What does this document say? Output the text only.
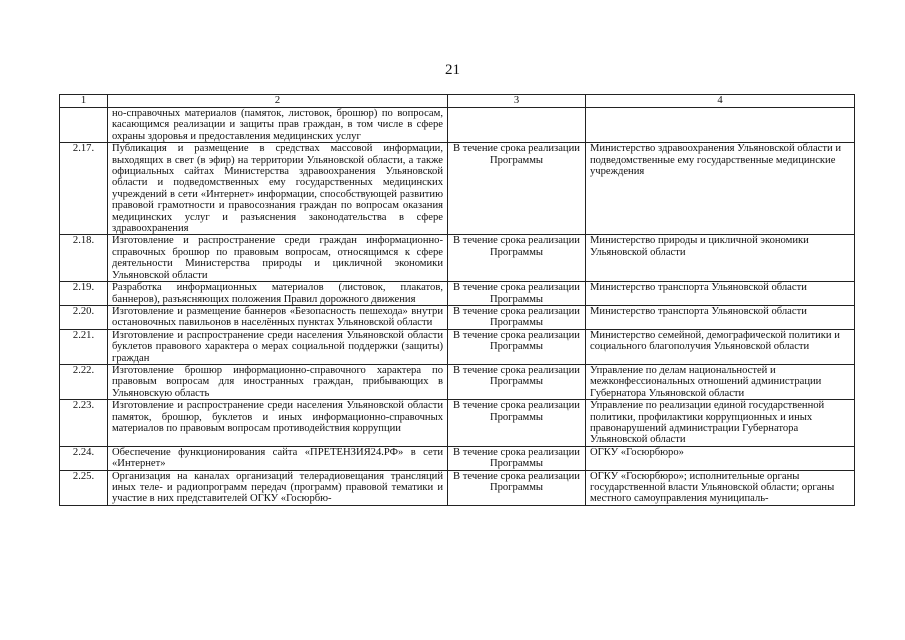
21
1	2	3	4
	но-справочных материалов (памяток, листовок, брошюр) по вопросам, касающимся реализации и защиты прав граждан, в том числе в сфере охраны здоровья и предоставления медицинских услуг		
2.17.	Публикация и размещение в средствах массовой информации, выходящих в свет (в эфир) на территории Ульяновской области, а также официальных сайтах Министерства здравоохранения Ульяновской области и подведомственных ему государственных медицинских учреждений в сети «Интернет» информации, способствующей развитию правовой грамотности и правосознания граждан по вопросам оказания медицинских услуг и разъяснения законодательства в сфере здравоохранения	В течение срока реализации Программы	Министерство здравоохранения Ульяновской области и подведомственные ему государственные медицинские учреждения
2.18.	Изготовление и распространение среди граждан информационно-справочных брошюр по правовым вопросам, относящимся к сфере деятельности Министерства природы и цикличной экономики Ульяновской области	В течение срока реализации Программы	Министерство природы и цикличной экономики Ульяновской области
2.19.	Разработка информационных материалов (листовок, плакатов, баннеров), разъясняющих положения Правил дорожного движения	В течение срока реализации Программы	Министерство транспорта Ульяновской области
2.20.	Изготовление и размещение баннеров «Безопасность пешехода» внутри остановочных павильонов в населённых пунктах Ульяновской области	В течение срока реализации Программы	Министерство транспорта Ульяновской области
2.21.	Изготовление и распространение среди населения Ульяновской области буклетов правового характера о мерах социальной поддержки (защиты) граждан	В течение срока реализации Программы	Министерство семейной, демографической политики и социального благополучия Ульяновской области
2.22.	Изготовление брошюр информационно-справочного характера по правовым вопросам для иностранных граждан, прибывающих в Ульяновскую область	В течение срока реализации Программы	Управление по делам национальностей и межконфессиональных отношений администрации Губернатора Ульяновской области
2.23.	Изготовление и распространение среди населения Ульяновской области памяток, брошюр, буклетов и иных информационно-справочных материалов по правовым вопросам противодействия коррупции	В течение срока реализации Программы	Управление по реализации единой государственной политики, профилактики коррупционных и иных правонарушений администрации Губернатора Ульяновской области
2.24.	Обеспечение функционирования сайта «ПРЕТЕНЗИЯ24.РФ» в сети «Интернет»	В течение срока реализации Программы	ОГКУ «Госюрбюро»
2.25.	Организация на каналах организаций телерадиовещания трансляций иных теле- и радиопрограмм передач (программ) правовой тематики и участие в них представителей ОГКУ «Госюрбю-	В течение срока реализации Программы	ОГКУ «Госюрбюро»; исполнительные органы государственной власти Ульяновской области; органы местного самоуправления муниципаль-
